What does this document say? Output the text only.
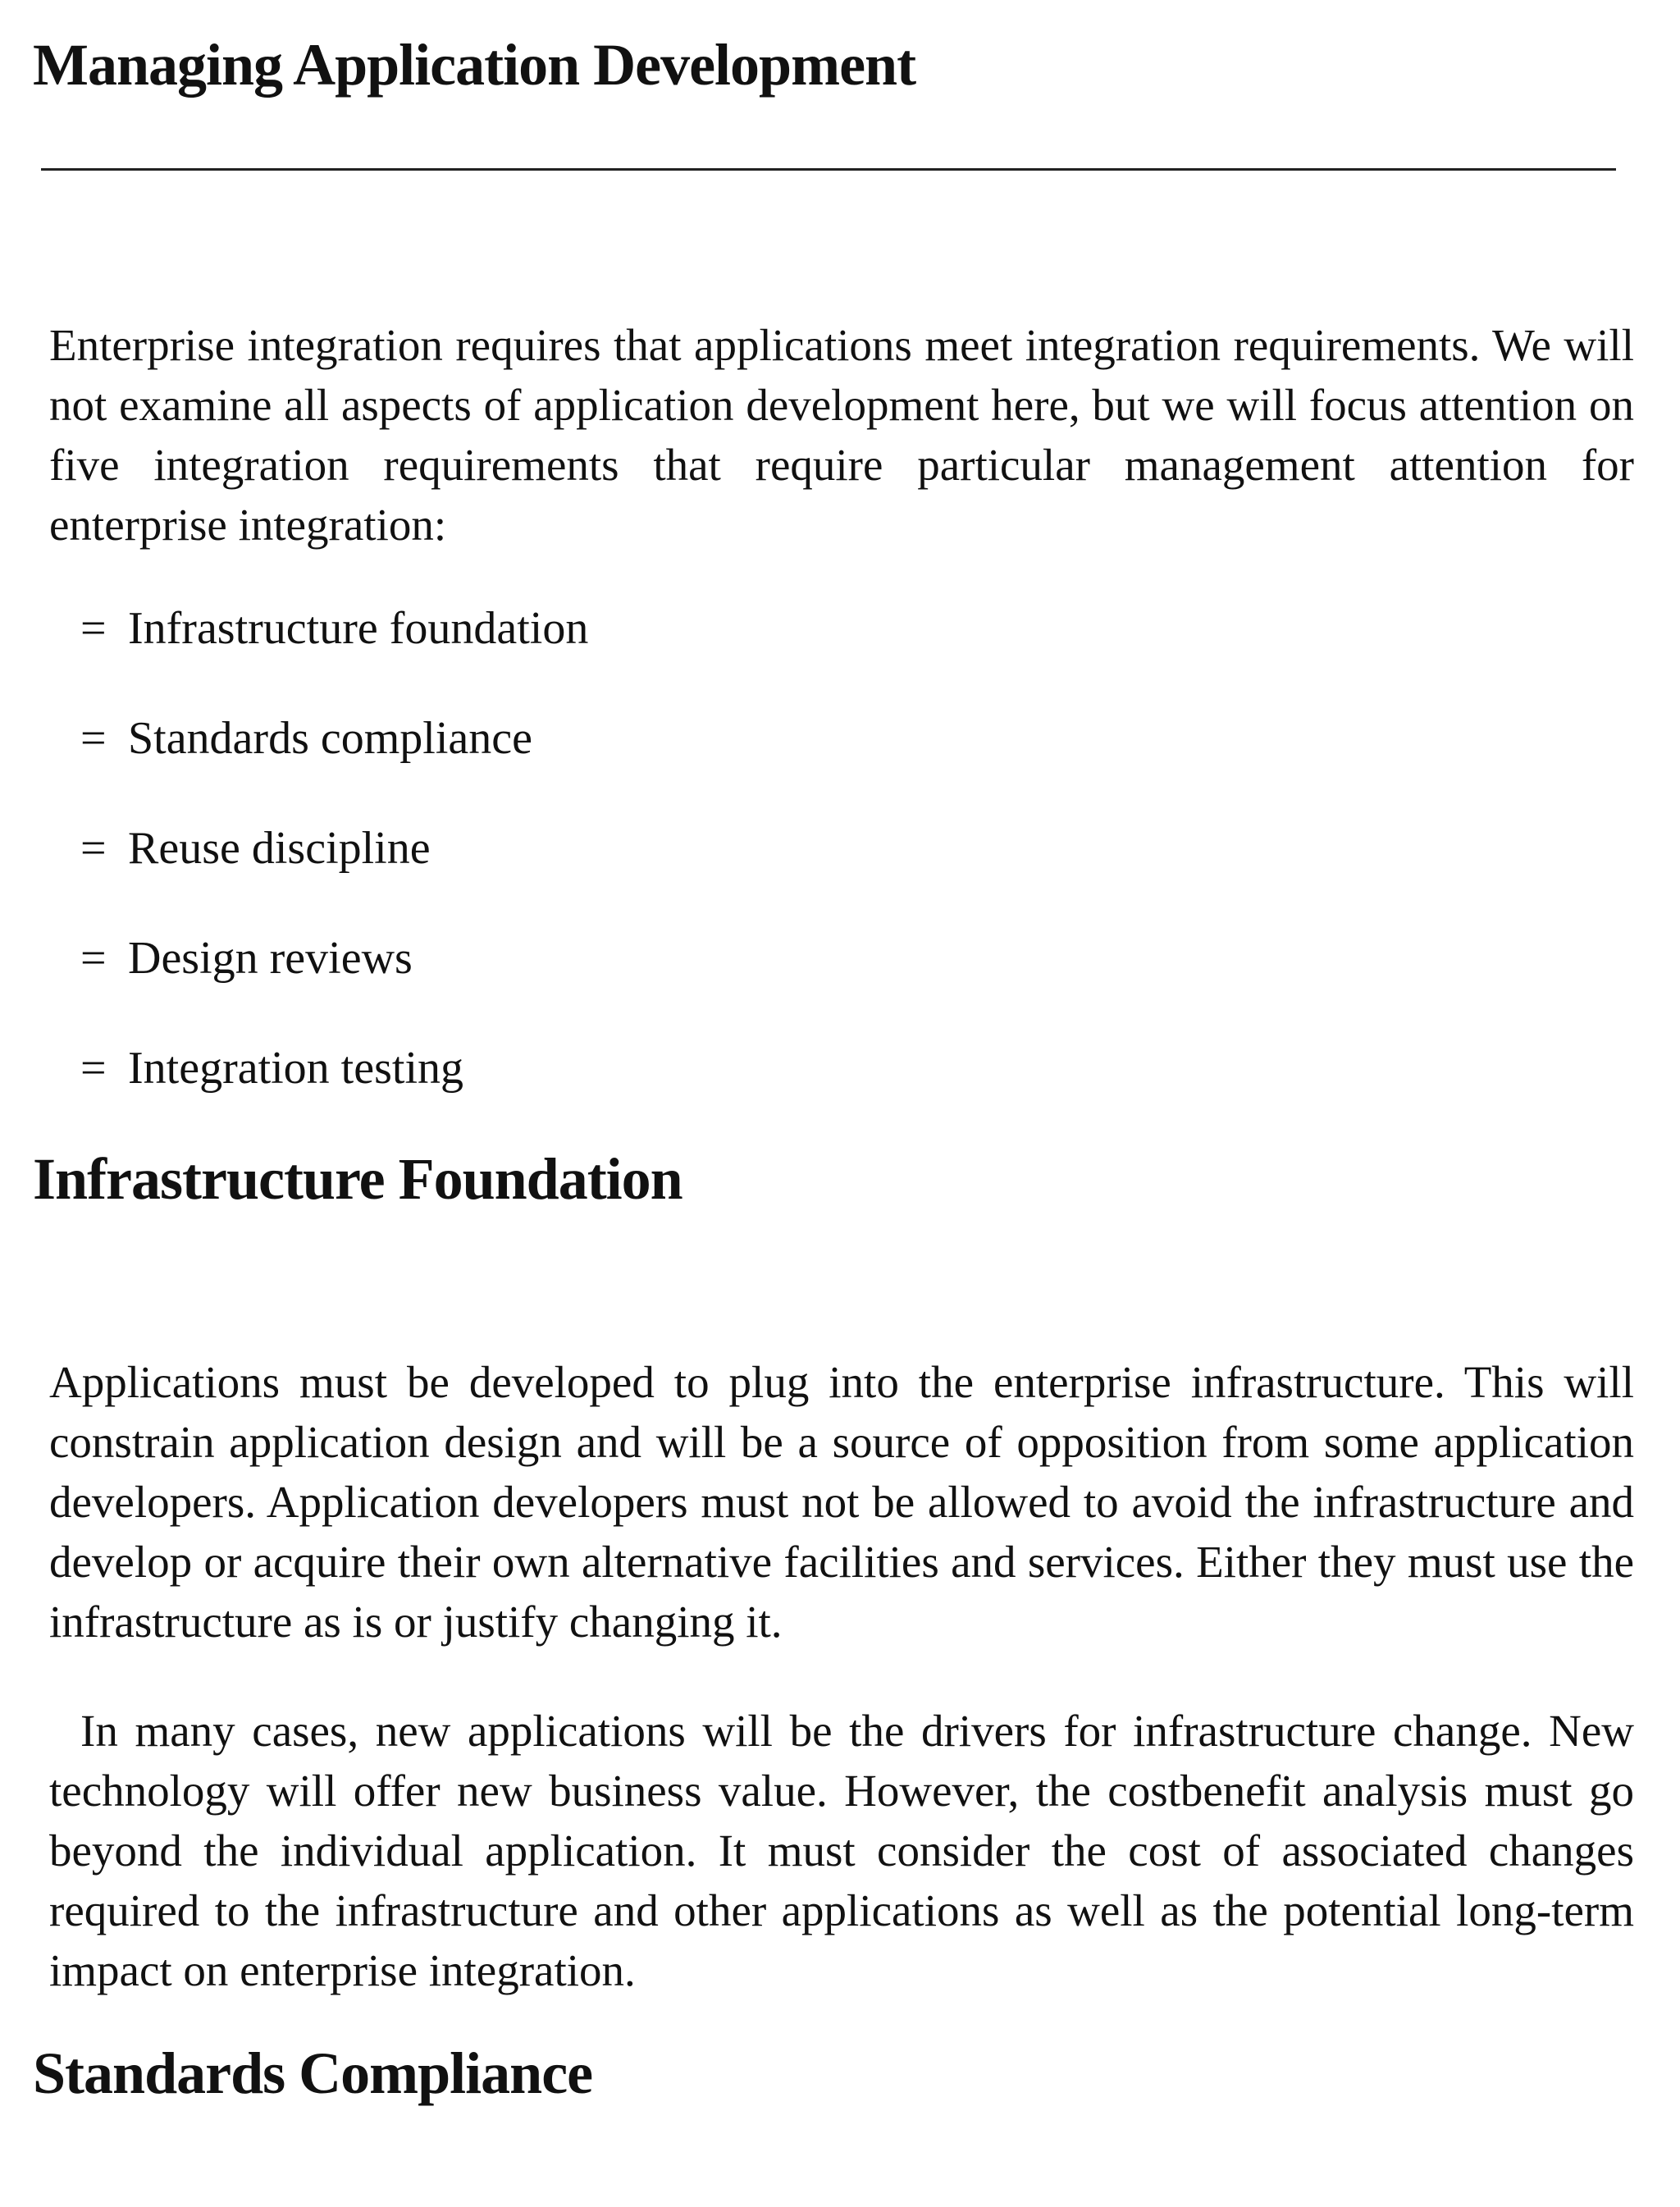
Managing Application Development

Enterprise integration requires that applications meet integration requirements. We will not examine all aspects of application development here, but we will focus attention on five integration requirements that require particular management attention for enterprise integration:

= Infrastructure foundation
= Standards compliance
= Reuse discipline
= Design reviews
= Integration testing
Infrastructure Foundation

Applications must be developed to plug into the enterprise infrastructure. This will constrain application design and will be a source of opposition from some application developers. Application developers must not be allowed to avoid the infrastructure and develop or acquire their own alternative facilities and services. Either they must use the infrastructure as is or justify changing it.

In many cases, new applications will be the drivers for infrastructure change. New technology will offer new business value. However, the costbenefit analysis must go beyond the individual application. It must consider the cost of associated changes required to the infrastructure and other applications as well as the potential long-term impact on enterprise integration.

Standards Compliance
